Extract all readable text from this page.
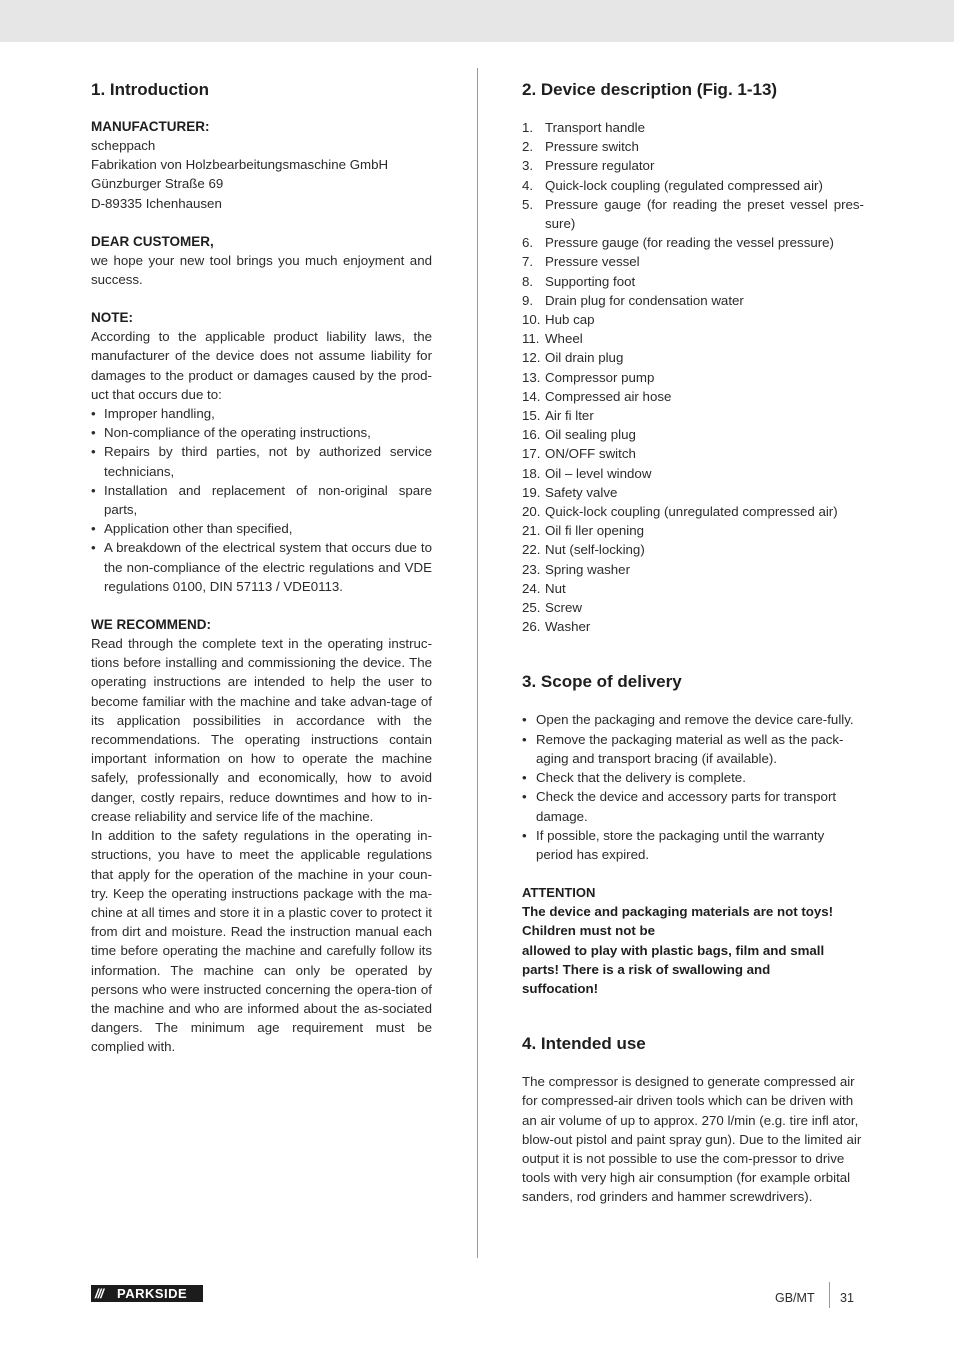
1. Introduction
MANUFACTURER:

scheppach

Fabrikation von Holzbearbeitungsmaschine GmbH

Günzburger Straße 69

D-89335 Ichenhausen

DEAR CUSTOMER,

we hope your new tool brings you much enjoyment and success.

NOTE:

According to the applicable product liability laws, the manufacturer of the device does not assume liability for damages to the product or damages caused by the prod-uct that occurs due to:

• Improper handling,
• Non-compliance of the operating instructions,
• Repairs by third parties, not by authorized service technicians,
• Installation and replacement of non-original spare parts,
• Application other than specified,
• A breakdown of the electrical system that occurs due to the non-compliance of the electric regulations and VDE regulations 0100, DIN 57113 / VDE0113.
WE RECOMMEND:

Read through the complete text in the operating instruc-tions before installing and commissioning the device. The operating instructions are intended to help the user to become familiar with the machine and take advan-tage of its application possibilities in accordance with the recommendations. The operating instructions contain important information on how to operate the machine safely, professionally and economically, how to avoid danger, costly repairs, reduce downtimes and how to in-crease reliability and service life of the machine.

In addition to the safety regulations in the operating in-structions, you have to meet the applicable regulations that apply for the operation of the machine in your coun-try. Keep the operating instructions package with the ma-chine at all times and store it in a plastic cover to protect it from dirt and moisture. Read the instruction manual each time before operating the machine and carefully follow its information. The machine can only be operated by persons who were instructed concerning the opera-tion of the machine and who are informed about the as-sociated dangers. The minimum age requirement must be complied with.

2. Device description (Fig. 1-13)
1. Transport handle
2. Pressure switch
3. Pressure regulator
4. Quick-lock coupling (regulated compressed air)
5. Pressure gauge (for reading the preset vessel pres-sure)
6. Pressure gauge (for reading the vessel pressure)
7. Pressure vessel
8. Supporting foot
9. Drain plug for condensation water
10. Hub cap
11. Wheel
12. Oil drain plug
13. Compressor pump
14. Compressed air hose
15. Air fi lter
16. Oil sealing plug
17. ON/OFF switch
18. Oil – level window
19. Safety valve
20. Quick-lock coupling (unregulated compressed air)
21. Oil fi ller opening
22. Nut (self-locking)
23. Spring washer
24. Nut
25. Screw
26. Washer
3. Scope of delivery
• Open the packaging and remove the device care-fully.
• Remove the packaging material as well as the pack-aging and transport bracing (if available).
• Check that the delivery is complete.
• Check the device and accessory parts for transport damage.
• If possible, store the packaging until the warranty period has expired.
ATTENTION

The device and packaging materials are not toys!

Children must not be

allowed to play with plastic bags, film and small

parts! There is a risk of swallowing and

suffocation!

4. Intended use

The compressor is designed to generate compressed air for compressed-air driven tools which can be driven with an air volume of up to approx. 270 l/min (e.g. tire infl ator, blow-out pistol and paint spray gun). Due to the limited air output it is not possible to use the com-pressor to drive tools with very high air consumption (for example orbital sanders, rod grinders and hammer screwdrivers).

///	PARKSIDE	GB/MT 31
